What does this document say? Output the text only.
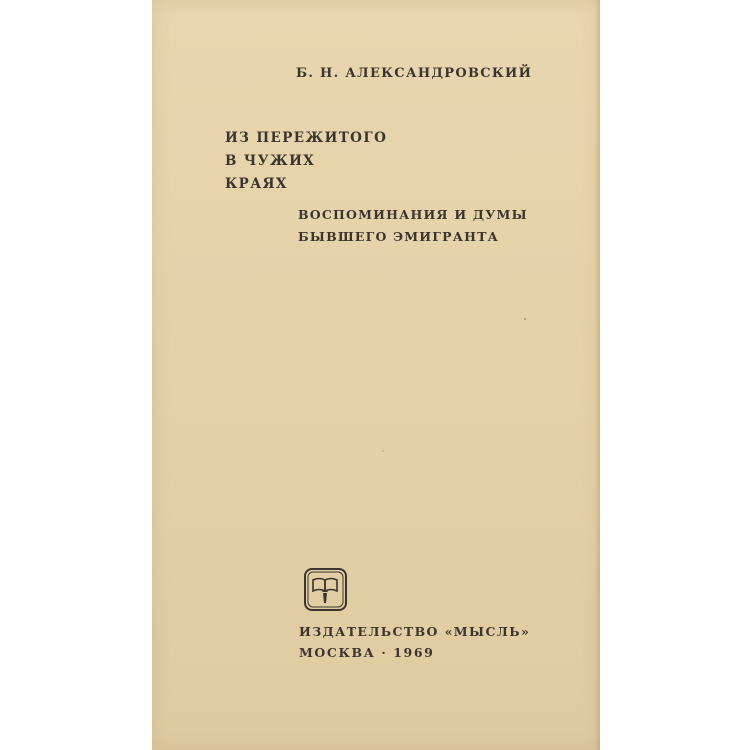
Б. Н. АЛЕКСАНДРОВСКИЙ

ИЗ ПЕРЕЖИТОГО
В ЧУЖИХ
КРАЯХ

ВОСПОМИНАНИЯ И ДУМЫ
БЫВШЕГО ЭМИГРАНТА

ИЗДАТЕЛЬСТВО «МЫСЛЬ»

МОСКВА · 1969
